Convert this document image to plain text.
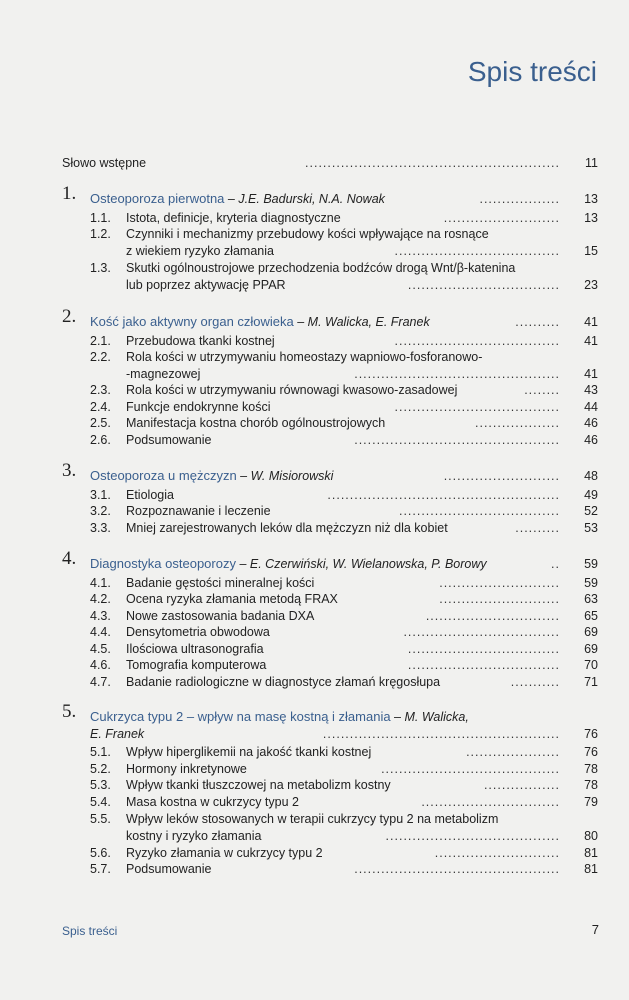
Spis treści
Słowo wstępne	......................................................... 11
1. Osteoporoza pierwotna – J.E. Badurski, N.A. Nowak	.................. 13
1.1. Istota, definicje, kryteria diagnostyczne	.......................... 13
1.2. Czynniki i mechanizmy przebudowy kości wpływające na rosnące
z wiekiem ryzyko złamania	..................................... 15
1.3. Skutki ogólnoustrojowe przechodzenia bodźców drogą Wnt/β-katenina
lub poprzez aktywację PPAR	.................................. 23
2. Kość jako aktywny organ człowieka – M. Walicka, E. Franek	.......... 41
2.1. Przebudowa tkanki kostnej	..................................... 41
2.2. Rola kości w utrzymywaniu homeostazy wapniowo-fosforanowo-
-magnezowej	.............................................. 41
2.3. Rola kości w utrzymywaniu równowagi kwasowo-zasadowej	........ 43
2.4. Funkcje endokrynne kości	..................................... 44
2.5. Manifestacja kostna chorób ogólnoustrojowych	................... 46
2.6. Podsumowanie	.............................................. 46
3. Osteoporoza u mężczyzn – W. Misiorowski	.......................... 48
3.1. Etiologia	.................................................... 49
3.2. Rozpoznawanie i leczenie	.................................... 52
3.3. Mniej zarejestrowanych leków dla mężczyzn niż dla kobiet	.......... 53
4. Diagnostyka osteoporozy – E. Czerwiński, W. Wielanowska, P. Borowy	.. 59
4.1. Badanie gęstości mineralnej kości	........................... 59
4.2. Ocena ryzyka złamania metodą FRAX	........................... 63
4.3. Nowe zastosowania badania DXA	.............................. 65
4.4. Densytometria obwodowa	................................... 69
4.5. Ilościowa ultrasonografia	.................................. 69
4.6. Tomografia komputerowa	.................................. 70
4.7. Badanie radiologiczne w diagnostyce złamań kręgosłupa	........... 71
5. Cukrzyca typu 2 – wpływ na masę kostną i złamania – M. Walicka,
E. Franek	..................................................... 76
5.1. Wpływ hiperglikemii na jakość tkanki kostnej	..................... 76
5.2. Hormony inkretynowe	........................................ 78
5.3. Wpływ tkanki tłuszczowej na metabolizm kostny	................. 78
5.4. Masa kostna w cukrzycy typu 2	............................... 79
5.5. Wpływ leków stosowanych w terapii cukrzycy typu 2 na metabolizm
kostny i ryzyko złamania	....................................... 80
5.6. Ryzyko złamania w cukrzycy typu 2	............................ 81
5.7. Podsumowanie	.............................................. 81
Spis treści	7
